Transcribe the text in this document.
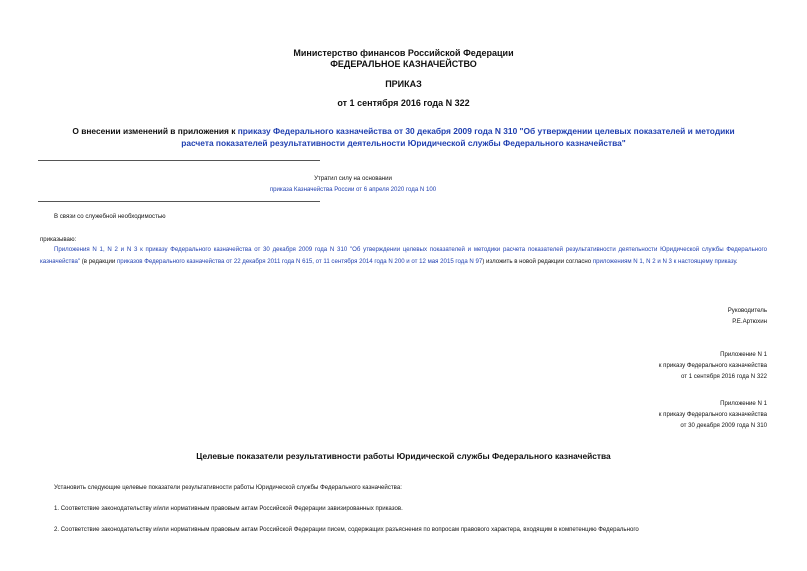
Министерство финансов Российской Федерации
ФЕДЕРАЛЬНОЕ КАЗНАЧЕЙСТВО
ПРИКАЗ
от 1 сентября 2016 года N 322
О внесении изменений в приложения к приказу Федерального казначейства от 30 декабря 2009 года N 310 "Об утверждении целевых показателей и методики
расчета показателей результативности деятельности Юридической службы Федерального казначейства"
Утратил силу на основании
приказа Казначейства России от 6 апреля 2020 года N 100
В связи со служебной необходимостью
приказываю:
Приложения N 1, N 2 и N 3 к приказу Федерального казначейства от 30 декабря 2009 года N 310 "Об утверждении целевых показателей и методики расчета показателей результативности деятельности Юридической службы Федерального казначейства" (в редакции приказов Федерального казначейства от 22 декабря 2011 года N 615, от 11 сентября 2014 года N 200 и от 12 мая 2015 года N 97) изложить в новой редакции согласно приложениям N 1, N 2 и N 3 к настоящему приказу.
Руководитель
Р.Е.Артюхин
Приложение N 1
к приказу Федерального казначейства
от 1 сентября 2016 года N 322
Приложение N 1
к приказу Федерального казначейства
от 30 декабря 2009 года N 310
Целевые показатели результативности работы Юридической службы Федерального казначейства
Установить следующие целевые показатели результативности работы Юридической службы Федерального казначейства:
1. Соответствие законодательству и/или нормативным правовым актам Российской Федерации завизированных приказов.
2. Соответствие законодательству и/или нормативным правовым актам Российской Федерации писем, содержащих разъяснения по вопросам правового характера, входящим в компетенцию Федерального
